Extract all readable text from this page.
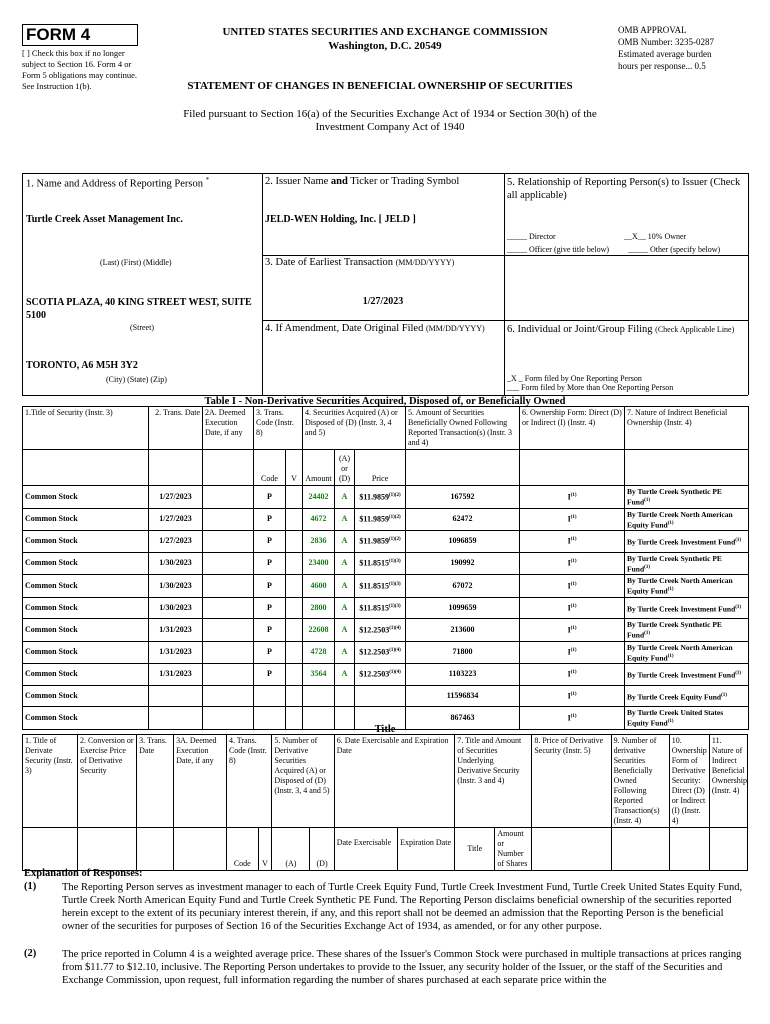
FORM 4
[ ] Check this box if no longer subject to Section 16. Form 4 or Form 5 obligations may continue. See Instruction 1(b).
UNITED STATES SECURITIES AND EXCHANGE COMMISSION
Washington, D.C. 20549
STATEMENT OF CHANGES IN BENEFICIAL OWNERSHIP OF SECURITIES
OMB APPROVAL
OMB Number: 3235-0287
Estimated average burden
hours per response... 0.5
Filed pursuant to Section 16(a) of the Securities Exchange Act of 1934 or Section 30(h) of the Investment Company Act of 1940
1. Name and Address of Reporting Person *
Turtle Creek Asset Management Inc.
(Last) (First) (Middle)
SCOTIA PLAZA, 40 KING STREET WEST, SUITE 5100
(Street)
TORONTO, A6 M5H 3Y2
(City) (State) (Zip)
2. Issuer Name and Ticker or Trading Symbol
JELD-WEN Holding, Inc. [ JELD ]
3. Date of Earliest Transaction (MM/DD/YYYY)
1/27/2023
4. If Amendment, Date Original Filed (MM/DD/YYYY)
5. Relationship of Reporting Person(s) to Issuer (Check all applicable)
_____ Director	__X__ 10% Owner
_____ Officer (give title below) _____ Other (specify below)
6. Individual or Joint/Group Filing (Check Applicable Line)
_X _ Form filed by One Reporting Person
___ Form filed by More than One Reporting Person
Table I - Non-Derivative Securities Acquired, Disposed of, or Beneficially Owned
1.Title of Security (Instr. 3)	2. Trans. Date	2A. Deemed Execution Date, if any	3. Trans. Code (Instr. 8)		4. Securities Acquired (A) or Disposed of (D) (Instr. 3, 4 and 5)			5. Amount of Securities Beneficially Owned Following Reported Transaction(s) (Instr. 3 and 4)	6. Ownership Form: Direct (D) or Indirect (I) (Instr. 4)	7. Nature of Indirect Beneficial Ownership (Instr. 4)
			Code	V	Amount	(A) or (D)	Price			
Common Stock	1/27/2023		P		24402	A	$11.9859$^{(1)(2)}$	167592	I$^{(1)}$	By Turtle Creek Synthetic PE Fund$^{(1)}$
Common Stock	1/27/2023		P		4672	A	$11.9859$^{(1)(2)}$	62472	I$^{(1)}$	By Turtle Creek North American Equity Fund$^{(1)}$
Common Stock	1/27/2023		P		2836	A	$11.9859$^{(1)(2)}$	1096859	I$^{(1)}$	By Turtle Creek Investment Fund$^{(1)}$
Common Stock	1/30/2023		P		23400	A	$11.8515$^{(1)(3)}$	190992	I$^{(1)}$	By Turtle Creek Synthetic PE Fund$^{(1)}$
Common Stock	1/30/2023		P		4600	A	$11.8515$^{(1)(3)}$	67072	I$^{(1)}$	By Turtle Creek North American Equity Fund$^{(1)}$
Common Stock	1/30/2023		P		2800	A	$11.8515$^{(1)(3)}$	1099659	I$^{(1)}$	By Turtle Creek Investment Fund$^{(1)}$
Common Stock	1/31/2023		P		22608	A	$12.2503$^{(1)(4)}$	213600	I$^{(1)}$	By Turtle Creek Synthetic PE Fund$^{(1)}$
Common Stock	1/31/2023		P		4728	A	$12.2503$^{(1)(4)}$	71800	I$^{(1)}$	By Turtle Creek North American Equity Fund$^{(1)}$
Common Stock	1/31/2023		P		3564	A	$12.2503$^{(1)(4)}$	1103223	I$^{(1)}$	By Turtle Creek Investment Fund$^{(1)}$
Common Stock								11596834	I$^{(1)}$	By Turtle Creek Equity Fund$^{(1)}$
Common Stock								867463	I$^{(1)}$	By Turtle Creek United States Equity Fund$^{(1)}$
Title
1. Title of Derivate Security (Instr. 3)	2. Conversion or Exercise Price of Derivative Security	3. Trans. Date	3A. Deemed Execution Date, if any	4. Trans. Code (Instr. 8)		5. Number of Derivative Securities Acquired (A) or Disposed of (D) (Instr. 3, 4 and 5)		6. Date Exercisable and Expiration Date		7. Title and Amount of Securities Underlying Derivative Security (Instr. 3 and 4)		8. Price of Derivative Security (Instr. 5)	9. Number of derivative Securities Beneficially Owned Following Reported Transaction(s) (Instr. 4)	10. Ownership Form of Derivative Security: Direct (D) or Indirect (I) (Instr. 4)	11. Nature of Indirect Beneficial Ownership (Instr. 4)
				Code	V	(A)	(D)	Date Exercisable	Expiration Date	Title	Amount or Number of Shares				
Explanation of Responses:
(1) The Reporting Person serves as investment manager to each of Turtle Creek Equity Fund, Turtle Creek Investment Fund, Turtle Creek United States Equity Fund, Turtle Creek North American Equity Fund and Turtle Creek Synthetic PE Fund. The Reporting Person disclaims beneficial ownership of the securities reported herein except to the extent of its pecuniary interest therein, if any, and this report shall not be deemed an admission that the Reporting Person is the beneficial owner of the securities for purposes of Section 16 of the Securities Exchange Act of 1934, as amended, or for any other purpose.
(2) The price reported in Column 4 is a weighted average price. These shares of the Issuer's Common Stock were purchased in multiple transactions at prices ranging from $11.77 to $12.10, inclusive. The Reporting Person undertakes to provide to the Issuer, any security holder of the Issuer, or the staff of the Securities and Exchange Commission, upon request, full information regarding the number of shares purchased at each separate price within the
